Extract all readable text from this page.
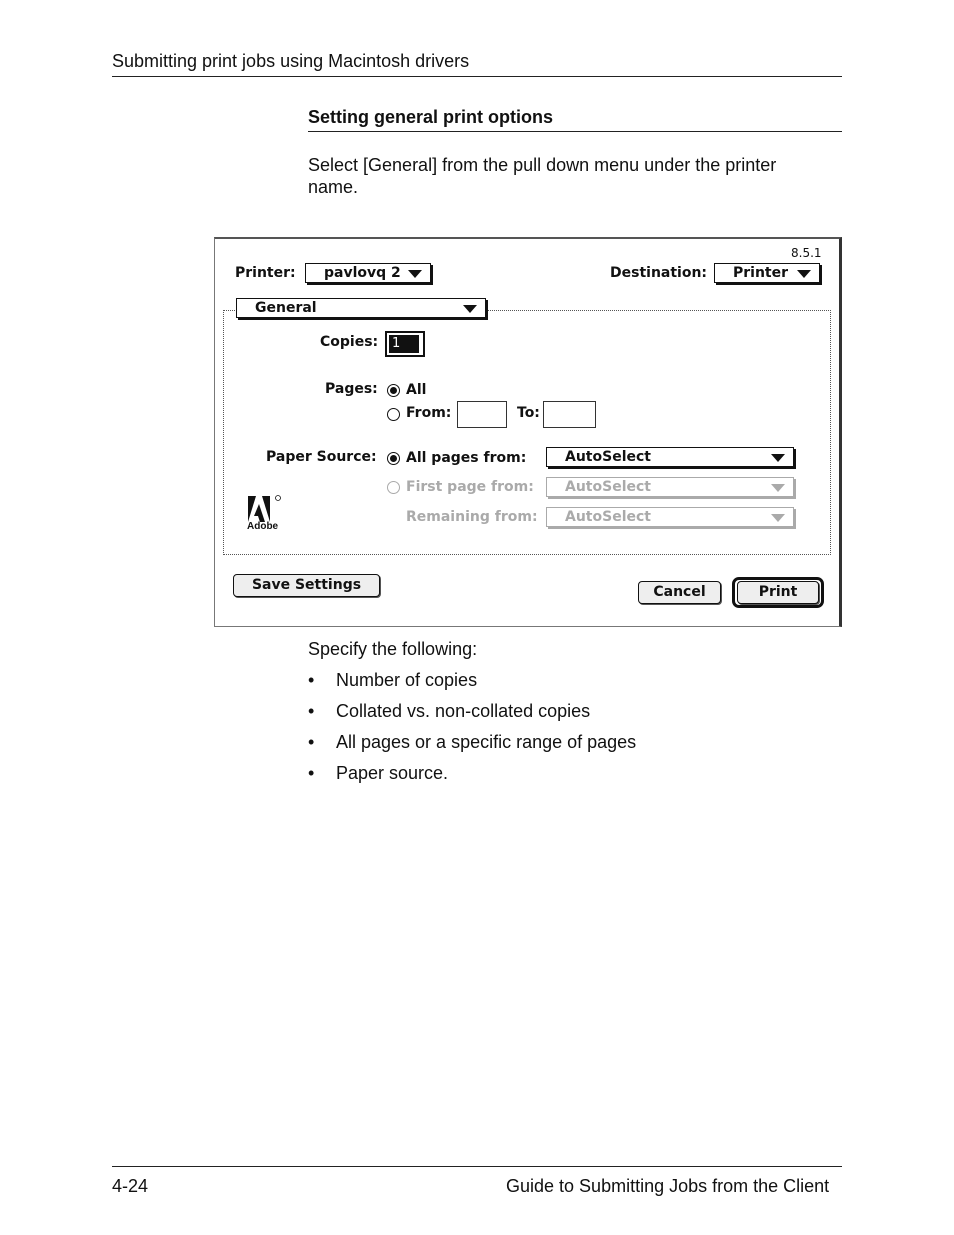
Submitting print jobs using Macintosh drivers
Setting general print options
Select [General] from the pull down menu under the printer name.
8.5.1
Printer: pavlovq 2	Destination: Printer
General
Copies: 1
Pages: All
From:	To:
Paper Source: All pages from:	AutoSelect
First page from: AutoSelect
Remaining from: AutoSelect
Adobe
Save Settings	Cancel	Print
Specify the following:
• Number of copies
• Collated vs. non-collated copies
• All pages or a specific range of pages
• Paper source.
4-24	Guide to Submitting Jobs from the Client
